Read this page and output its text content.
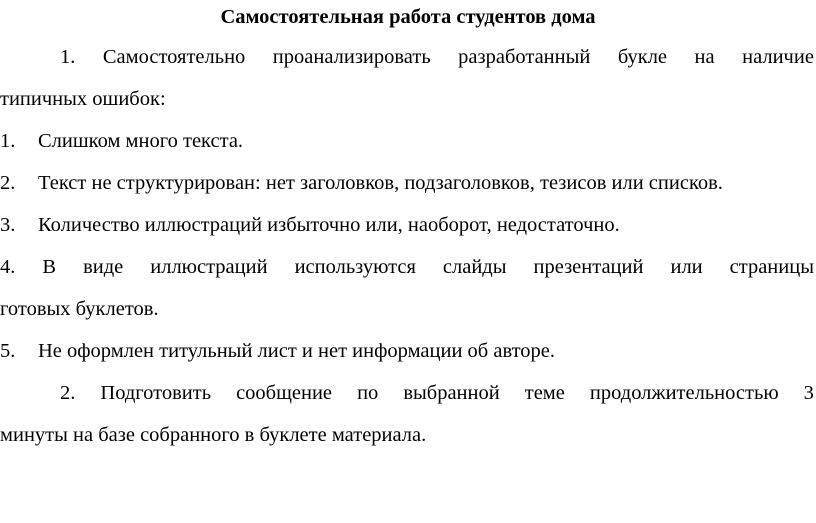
Самостоятельная работа студентов дома
1. Самостоятельно проанализировать разработанный букле на наличие
типичных ошибок:
1. Слишком много текста.
2. Текст не структурирован: нет заголовков, подзаголовков, тезисов или списков.
3. Количество иллюстраций избыточно или, наоборот, недостаточно.
4. В виде иллюстраций используются слайды презентаций или страницы
готовых буклетов.
5. Не оформлен титульный лист и нет информации об авторе.
2. Подготовить сообщение по выбранной теме продолжительностью 3
минуты на базе собранного в буклете материала.
